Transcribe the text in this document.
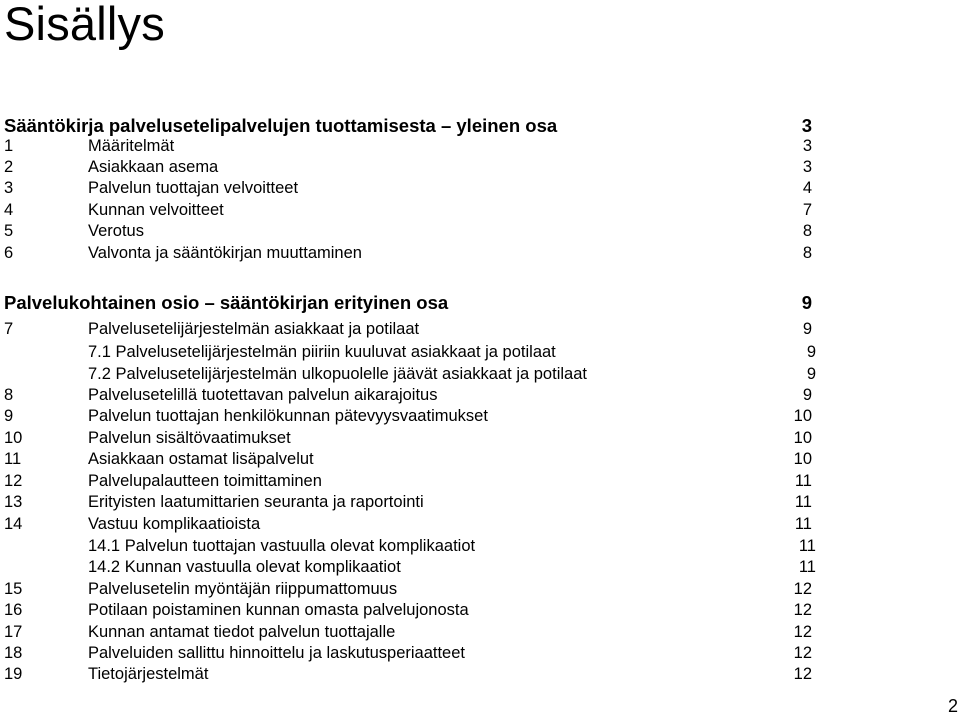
Sisällys
Sääntökirja palvelusetelipalvelujen tuottamisesta – yleinen osa	3
1	Määritelmät	3
2	Asiakkaan asema	3
3	Palvelun tuottajan velvoitteet	4
4	Kunnan velvoitteet	7
5	Verotus	8
6	Valvonta ja sääntökirjan muuttaminen	8
Palvelukohtainen osio – sääntökirjan erityinen osa	9
7	Palvelusetelijärjestelmän asiakkaat ja potilaat	9
7.1 Palvelusetelijärjestelmän piiriin kuuluvat asiakkaat ja potilaat	9
7.2 Palvelusetelijärjestelmän ulkopuolelle jäävät asiakkaat ja potilaat	9
8	Palvelusetelillä tuotettavan palvelun aikarajoitus	9
9	Palvelun tuottajan henkilökunnan pätevyysvaatimukset	10
10	Palvelun sisältövaatimukset	10
11	Asiakkaan ostamat lisäpalvelut	10
12	Palvelupalautteen toimittaminen	11
13	Erityisten laatumittarien seuranta ja raportointi	11
14	Vastuu komplikaatioista	11
14.1 Palvelun tuottajan vastuulla olevat komplikaatiot	11
14.2 Kunnan vastuulla olevat komplikaatiot	11
15	Palvelusetelin myöntäjän riippumattomuus	12
16	Potilaan poistaminen kunnan omasta palvelujonosta	12
17	Kunnan antamat tiedot palvelun tuottajalle	12
18	Palveluiden sallittu hinnoittelu ja laskutusperiaatteet	12
19	Tietojärjestelmät	12
2
